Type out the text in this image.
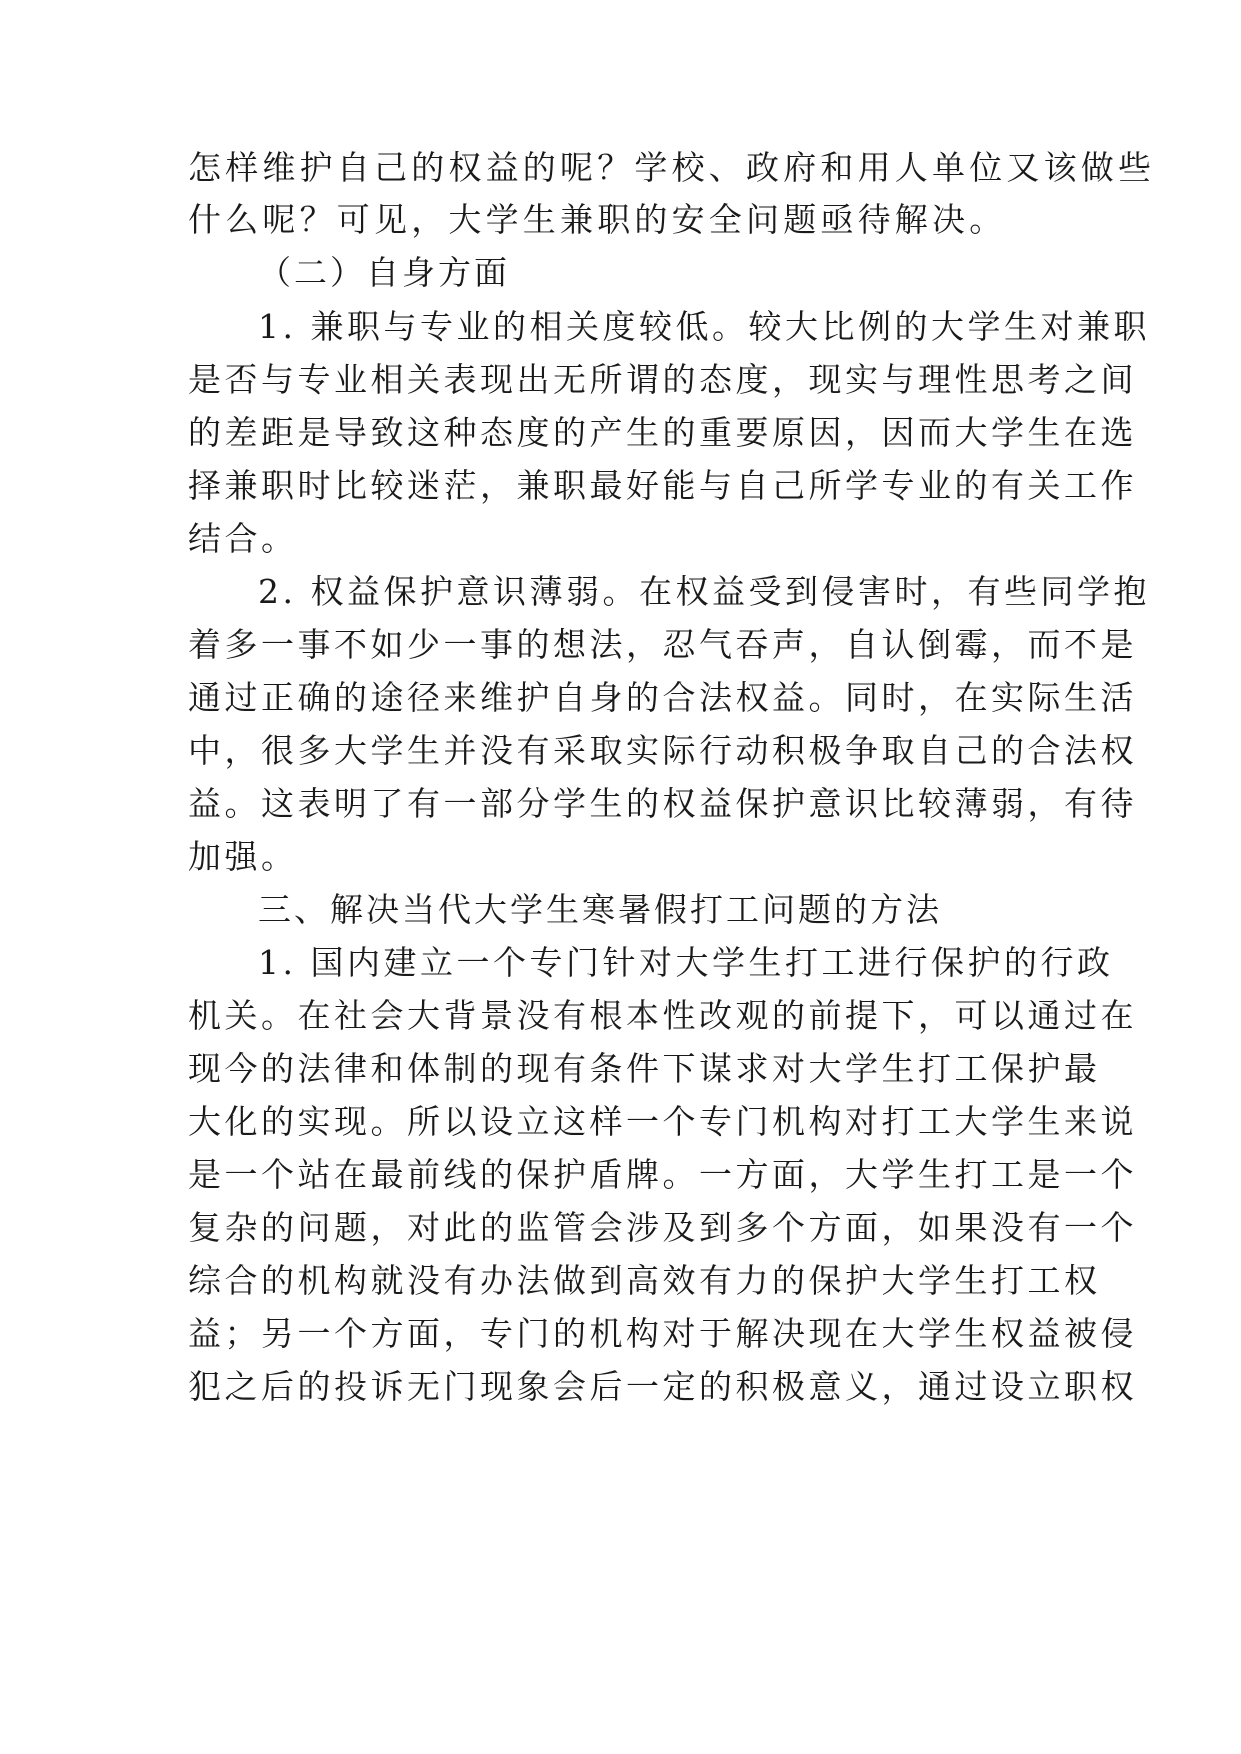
怎样维护自己的权益的呢？学校、政府和用人单位又该做些
什么呢？可见，大学生兼职的安全问题亟待解决。
（二）自身方面
1. 兼职与专业的相关度较低。较大比例的大学生对兼职
是否与专业相关表现出无所谓的态度，现实与理性思考之间
的差距是导致这种态度的产生的重要原因，因而大学生在选
择兼职时比较迷茫，兼职最好能与自己所学专业的有关工作
结合。
2. 权益保护意识薄弱。在权益受到侵害时，有些同学抱
着多一事不如少一事的想法，忍气吞声，自认倒霉，而不是
通过正确的途径来维护自身的合法权益。同时，在实际生活
中，很多大学生并没有采取实际行动积极争取自己的合法权
益。这表明了有一部分学生的权益保护意识比较薄弱，有待
加强。
三、解决当代大学生寒暑假打工问题的方法
1. 国内建立一个专门针对大学生打工进行保护的行政
机关。在社会大背景没有根本性改观的前提下，可以通过在
现今的法律和体制的现有条件下谋求对大学生打工保护最
大化的实现。所以设立这样一个专门机构对打工大学生来说
是一个站在最前线的保护盾牌。一方面，大学生打工是一个
复杂的问题，对此的监管会涉及到多个方面，如果没有一个
综合的机构就没有办法做到高效有力的保护大学生打工权
益；另一个方面，专门的机构对于解决现在大学生权益被侵
犯之后的投诉无门现象会后一定的积极意义，通过设立职权
